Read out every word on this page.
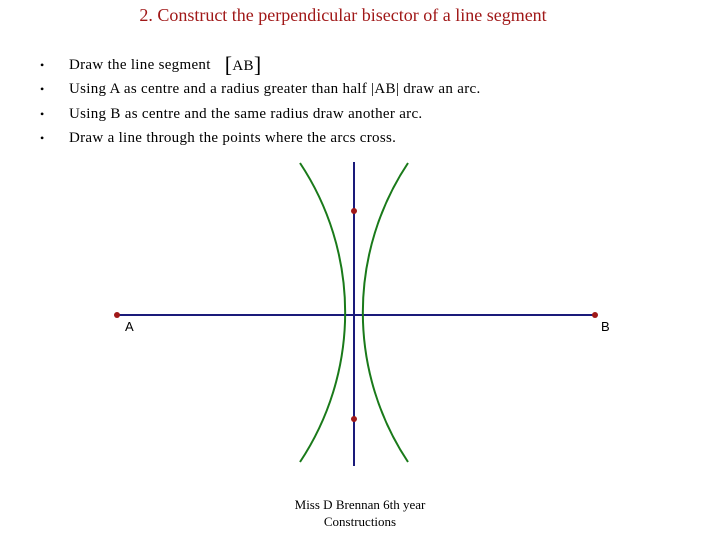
2. Construct the perpendicular bisector of a line segment
• Draw the line segment [AB]
• Using A as centre and a radius greater than half |AB| draw an arc.
• Using B as centre and the same radius draw another arc.
• Draw a line through the points where the arcs cross.
A	B
Miss D Brennan 6th year
Constructions
